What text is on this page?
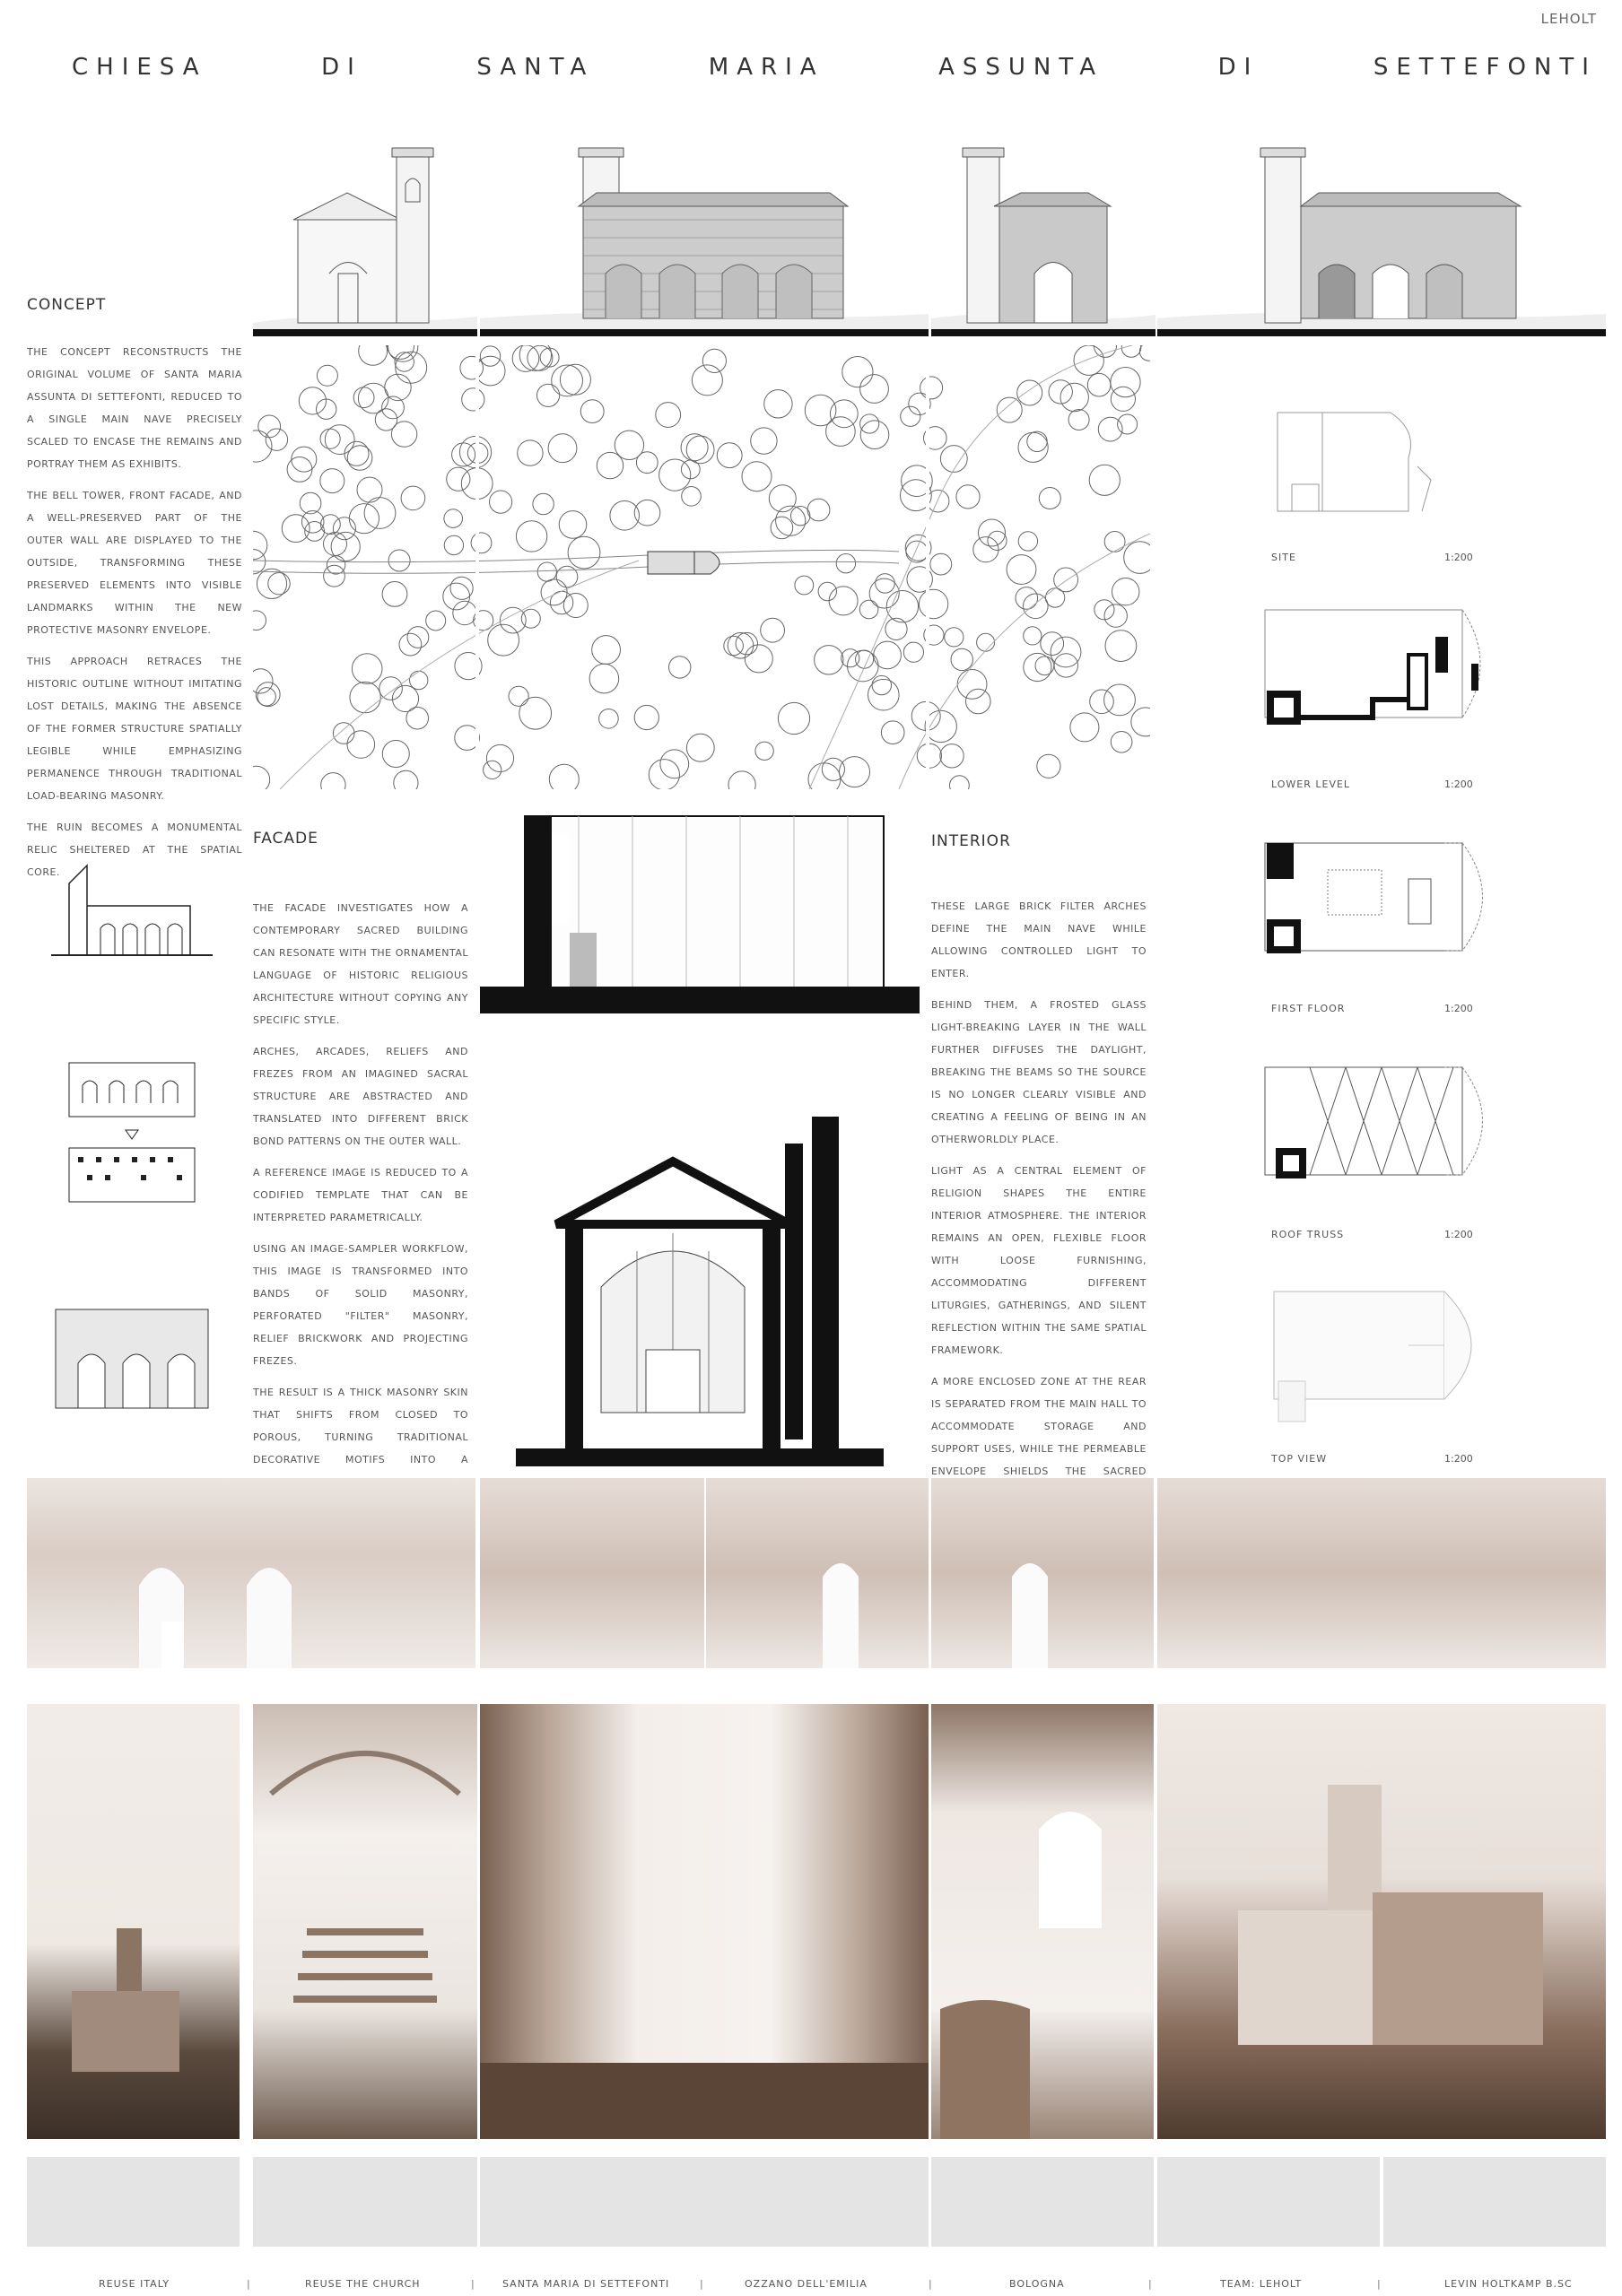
LEHOLT
CHIESA	DI	SANTA	MARIA	ASSUNTA	DI	SETTEFONTI
CONCEPT

THE CONCEPT RECONSTRUCTS THE ORIGINAL VOLUME OF SANTA MARIA ASSUNTA DI SETTEFONTI, REDUCED TO A SINGLE MAIN NAVE PRECISELY SCALED TO ENCASE THE REMAINS AND PORTRAY THEM AS EXHIBITS.

THE BELL TOWER, FRONT FACADE, AND A WELL-PRESERVED PART OF THE OUTER WALL ARE DISPLAYED TO THE OUTSIDE, TRANSFORMING THESE PRESERVED ELEMENTS INTO VISIBLE LANDMARKS WITHIN THE NEW PROTECTIVE MASONRY ENVELOPE.

THIS APPROACH RETRACES THE HISTORIC OUTLINE WITHOUT IMITATING LOST DETAILS, MAKING THE ABSENCE OF THE FORMER STRUCTURE SPATIALLY LEGIBLE WHILE EMPHASIZING PERMANENCE THROUGH TRADITIONAL LOAD-BEARING MASONRY.

THE RUIN BECOMES A MONUMENTAL RELIC SHELTERED AT THE SPATIAL CORE.

SITE	1:200
LOWER LEVEL	1:200
FIRST FLOOR	1:200
ROOF TRUSS	1:200
TOP VIEW	1:200
FACADE

THE FACADE INVESTIGATES HOW A CONTEMPORARY SACRED BUILDING CAN RESONATE WITH THE ORNAMENTAL LANGUAGE OF HISTORIC RELIGIOUS ARCHITECTURE WITHOUT COPYING ANY SPECIFIC STYLE.

ARCHES, ARCADES, RELIEFS AND FREZES FROM AN IMAGINED SACRAL STRUCTURE ARE ABSTRACTED AND TRANSLATED INTO DIFFERENT BRICK BOND PATTERNS ON THE OUTER WALL.

A REFERENCE IMAGE IS REDUCED TO A CODIFIED TEMPLATE THAT CAN BE INTERPRETED PARAMETRICALLY.

USING AN IMAGE-SAMPLER WORKFLOW, THIS IMAGE IS TRANSFORMED INTO BANDS OF SOLID MASONRY, PERFORATED "FILTER" MASONRY, RELIEF BRICKWORK AND PROJECTING FREZES.

THE RESULT IS A THICK MASONRY SKIN THAT SHIFTS FROM CLOSED TO POROUS, TURNING TRADITIONAL DECORATIVE MOTIFS INTO A

INTERIOR

THESE LARGE BRICK FILTER ARCHES DEFINE THE MAIN NAVE WHILE ALLOWING CONTROLLED LIGHT TO ENTER.

BEHIND THEM, A FROSTED GLASS LIGHT-BREAKING LAYER IN THE WALL FURTHER DIFFUSES THE DAYLIGHT, BREAKING THE BEAMS SO THE SOURCE IS NO LONGER CLEARLY VISIBLE AND CREATING A FEELING OF BEING IN AN OTHERWORLDLY PLACE.

LIGHT AS A CENTRAL ELEMENT OF RELIGION SHAPES THE ENTIRE INTERIOR ATMOSPHERE. THE INTERIOR REMAINS AN OPEN, FLEXIBLE FLOOR WITH LOOSE FURNISHING, ACCOMMODATING DIFFERENT LITURGIES, GATHERINGS, AND SILENT REFLECTION WITHIN THE SAME SPATIAL FRAMEWORK.

A MORE ENCLOSED ZONE AT THE REAR IS SEPARATED FROM THE MAIN HALL TO ACCOMMODATE STORAGE AND SUPPORT USES, WHILE THE PERMEABLE ENVELOPE SHIELDS THE SACRED

REUSE ITALY	|	REUSE THE CHURCH	|	SANTA MARIA DI SETTEFONTI	|	OZZANO DELL'EMILIA	|	BOLOGNA	|	TEAM: LEHOLT	|	LEVIN HOLTKAMP B.SC
